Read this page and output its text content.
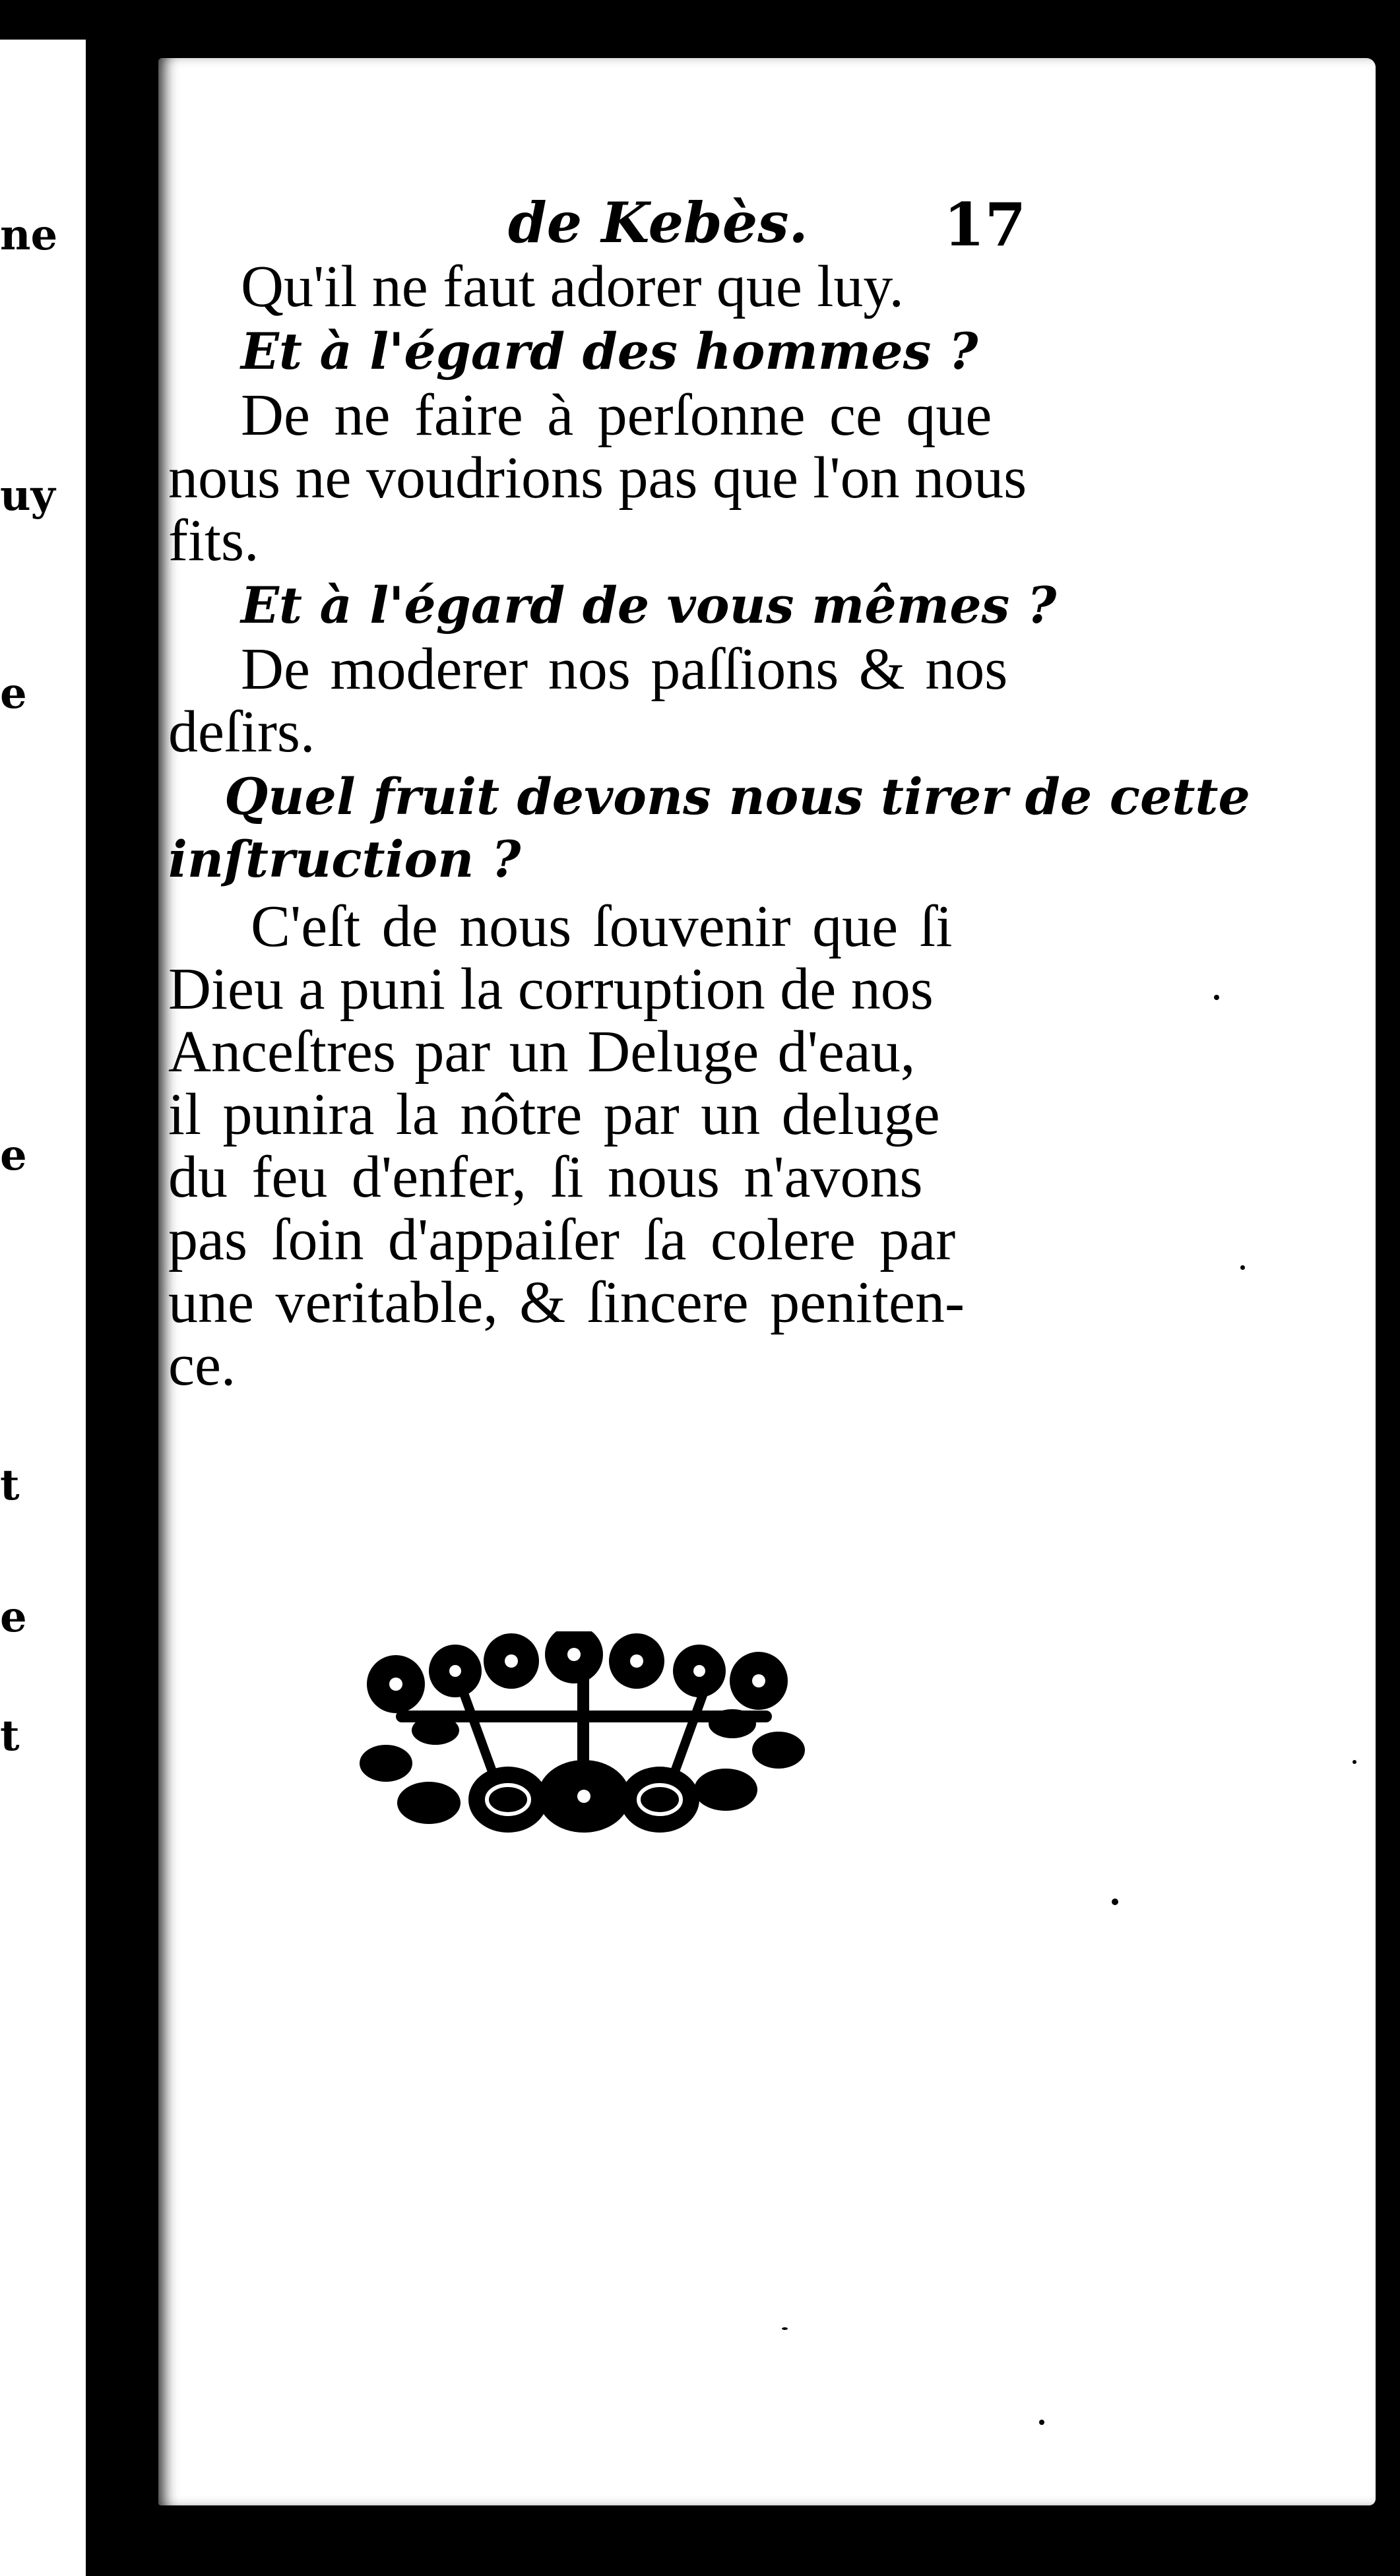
ne
uy
e
e
t
e
t
de Kebès. 17
Qu'il ne faut adorer que luy.
Et à l'égard des hommes ?
De ne faire à perſonne ce que
nous ne voudrions pas que l'on nous
fits.
Et à l'égard de vous mêmes ?
De moderer nos paſſions & nos
deſirs.
Quel fruit devons nous tirer de cette
inſtruction ?
C'eſt de nous ſouvenir que ſi
Dieu a puni la corruption de nos
Anceſtres par un Deluge d'eau,
il punira la nôtre par un deluge
du feu d'enfer, ſi nous n'avons
pas ſoin d'appaiſer ſa colere par
une veritable, & ſincere peniten-
ce.
